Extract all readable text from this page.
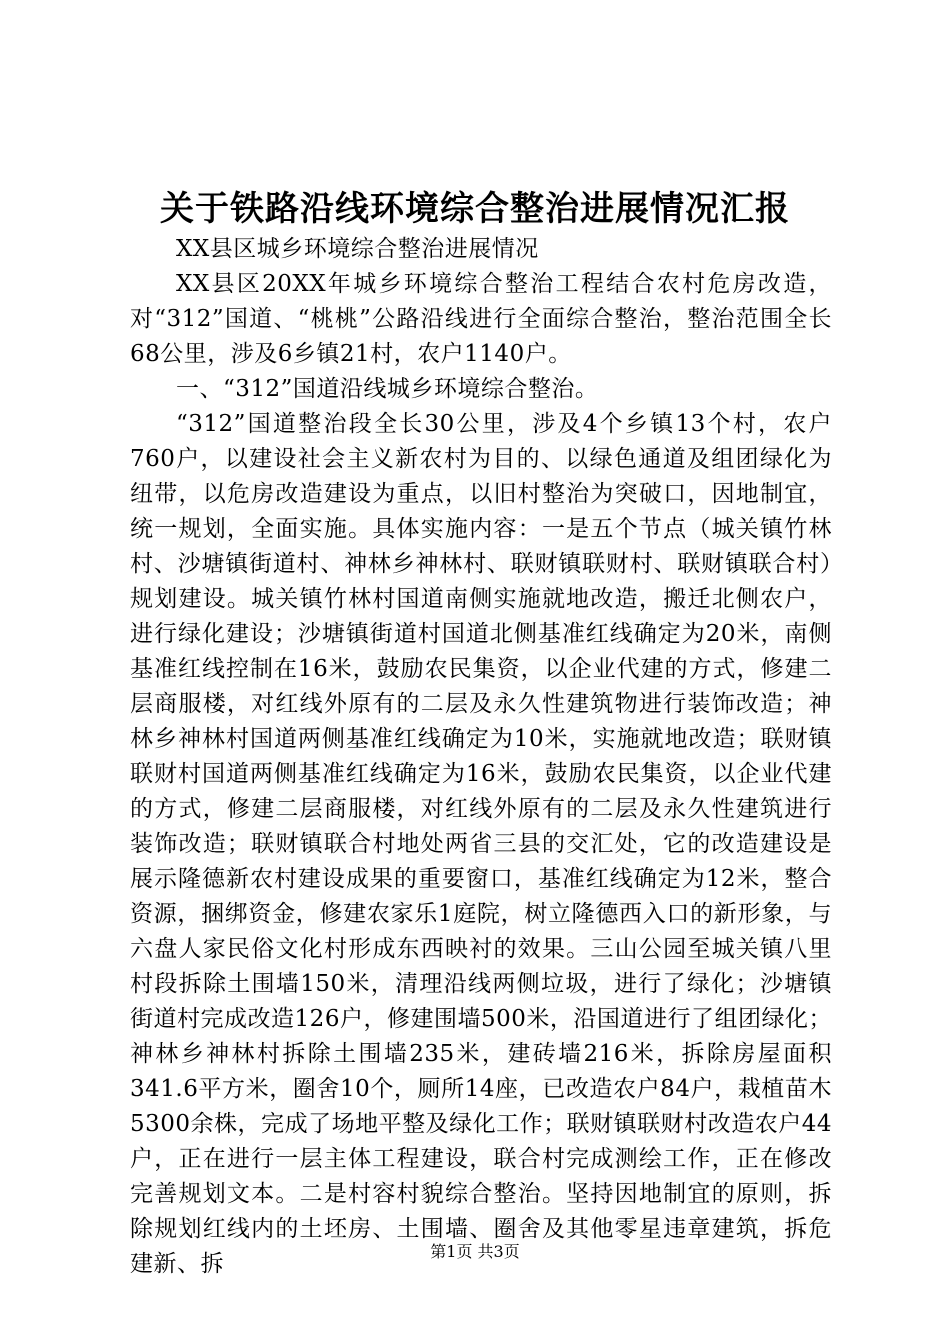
关于铁路沿线环境综合整治进展情况汇报

XX县区城乡环境综合整治进展情况

XX县区20XX年城乡环境综合整治工程结合农村危房改造，对“312”国道、“桃桃”公路沿线进行全面综合整治，整治范围全长68公里，涉及6乡镇21村，农户1140户。

一、“312”国道沿线城乡环境综合整治。

“312”国道整治段全长30公里，涉及4个乡镇13个村，农户760户，以建设社会主义新农村为目的、以绿色通道及组团绿化为纽带，以危房改造建设为重点，以旧村整治为突破口，因地制宜，统一规划，全面实施。具体实施内容：一是五个节点（城关镇竹林村、沙塘镇街道村、神林乡神林村、联财镇联财村、联财镇联合村）规划建设。城关镇竹林村国道南侧实施就地改造，搬迁北侧农户，进行绿化建设；沙塘镇街道村国道北侧基准红线确定为20米，南侧基准红线控制在16米，鼓励农民集资，以企业代建的方式，修建二层商服楼，对红线外原有的二层及永久性建筑物进行装饰改造；神林乡神林村国道两侧基准红线确定为10米，实施就地改造；联财镇联财村国道两侧基准红线确定为16米，鼓励农民集资，以企业代建的方式，修建二层商服楼，对红线外原有的二层及永久性建筑进行装饰改造；联财镇联合村地处两省三县的交汇处，它的改造建设是展示隆德新农村建设成果的重要窗口，基准红线确定为12米，整合资源，捆绑资金，修建农家乐1庭院，树立隆德西入口的新形象，与六盘人家民俗文化村形成东西映衬的效果。三山公园至城关镇八里村段拆除土围墙150米，清理沿线两侧垃圾，进行了绿化；沙塘镇街道村完成改造126户，修建围墙500米，沿国道进行了组团绿化；神林乡神林村拆除土围墙235米，建砖墙216米，拆除房屋面积341.6平方米，圈舍10个，厕所14座，已改造农户84户，栽植苗木5300余株，完成了场地平整及绿化工作；联财镇联财村改造农户44户，正在进行一层主体工程建设，联合村完成测绘工作，正在修改完善规划文本。二是村容村貌综合整治。坚持因地制宜的原则，拆除规划红线内的土坯房、土围墙、圈舍及其他零星违章建筑，拆危建新、拆	第1页 共3页
